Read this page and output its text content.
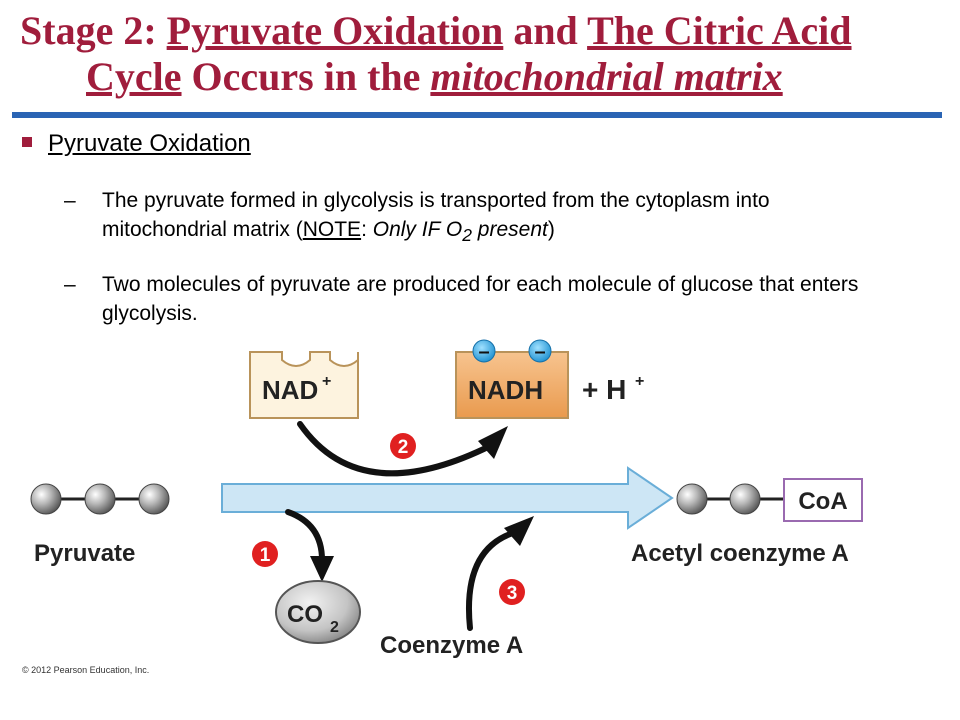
Stage 2: Pyruvate Oxidation and The Citric Acid
Cycle Occurs in the mitochondrial matrix
Pyruvate Oxidation
– The pyruvate formed in glycolysis is transported from the cytoplasm into mitochondrial matrix (NOTE: Only IF $O_2$ present)
– Two molecules of pyruvate are produced for each molecule of glucose that enters glycolysis.
NAD +	NADH
– –
+ H +
2
Pyruvate
CoA
Acetyl coenzyme A
1
CO 2
3
Coenzyme A
© 2012 Pearson Education, Inc.
